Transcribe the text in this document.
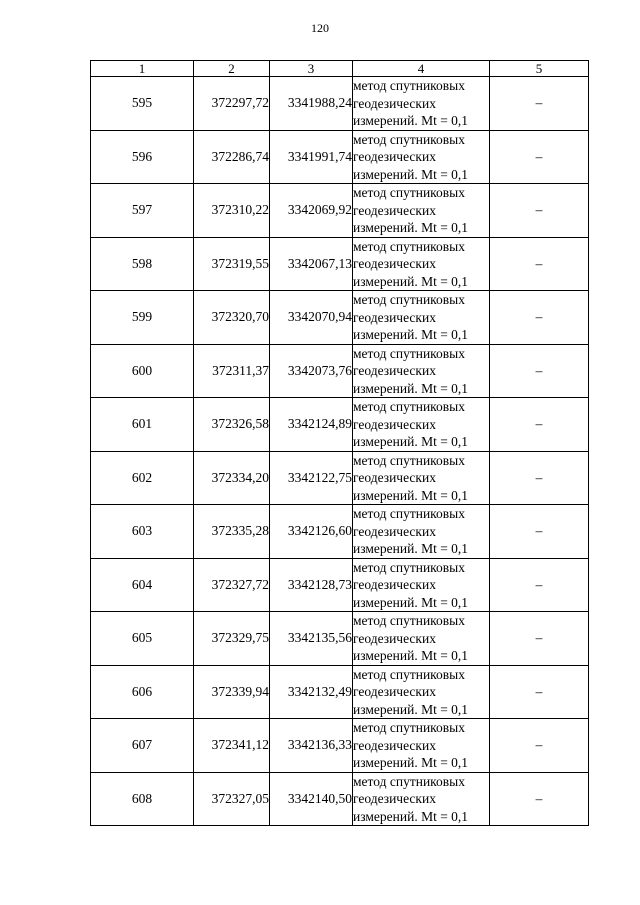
120
1	2	3	4	5
595	372297,72	3341988,24	метод спутниковых
геодезических
измерений. Mt = 0,1	–
596	372286,74	3341991,74	метод спутниковых
геодезических
измерений. Mt = 0,1	–
597	372310,22	3342069,92	метод спутниковых
геодезических
измерений. Mt = 0,1	–
598	372319,55	3342067,13	метод спутниковых
геодезических
измерений. Mt = 0,1	–
599	372320,70	3342070,94	метод спутниковых
геодезических
измерений. Mt = 0,1	–
600	372311,37	3342073,76	метод спутниковых
геодезических
измерений. Mt = 0,1	–
601	372326,58	3342124,89	метод спутниковых
геодезических
измерений. Mt = 0,1	–
602	372334,20	3342122,75	метод спутниковых
геодезических
измерений. Mt = 0,1	–
603	372335,28	3342126,60	метод спутниковых
геодезических
измерений. Mt = 0,1	–
604	372327,72	3342128,73	метод спутниковых
геодезических
измерений. Mt = 0,1	–
605	372329,75	3342135,56	метод спутниковых
геодезических
измерений. Mt = 0,1	–
606	372339,94	3342132,49	метод спутниковых
геодезических
измерений. Mt = 0,1	–
607	372341,12	3342136,33	метод спутниковых
геодезических
измерений. Mt = 0,1	–
608	372327,05	3342140,50	метод спутниковых
геодезических
измерений. Mt = 0,1	–
